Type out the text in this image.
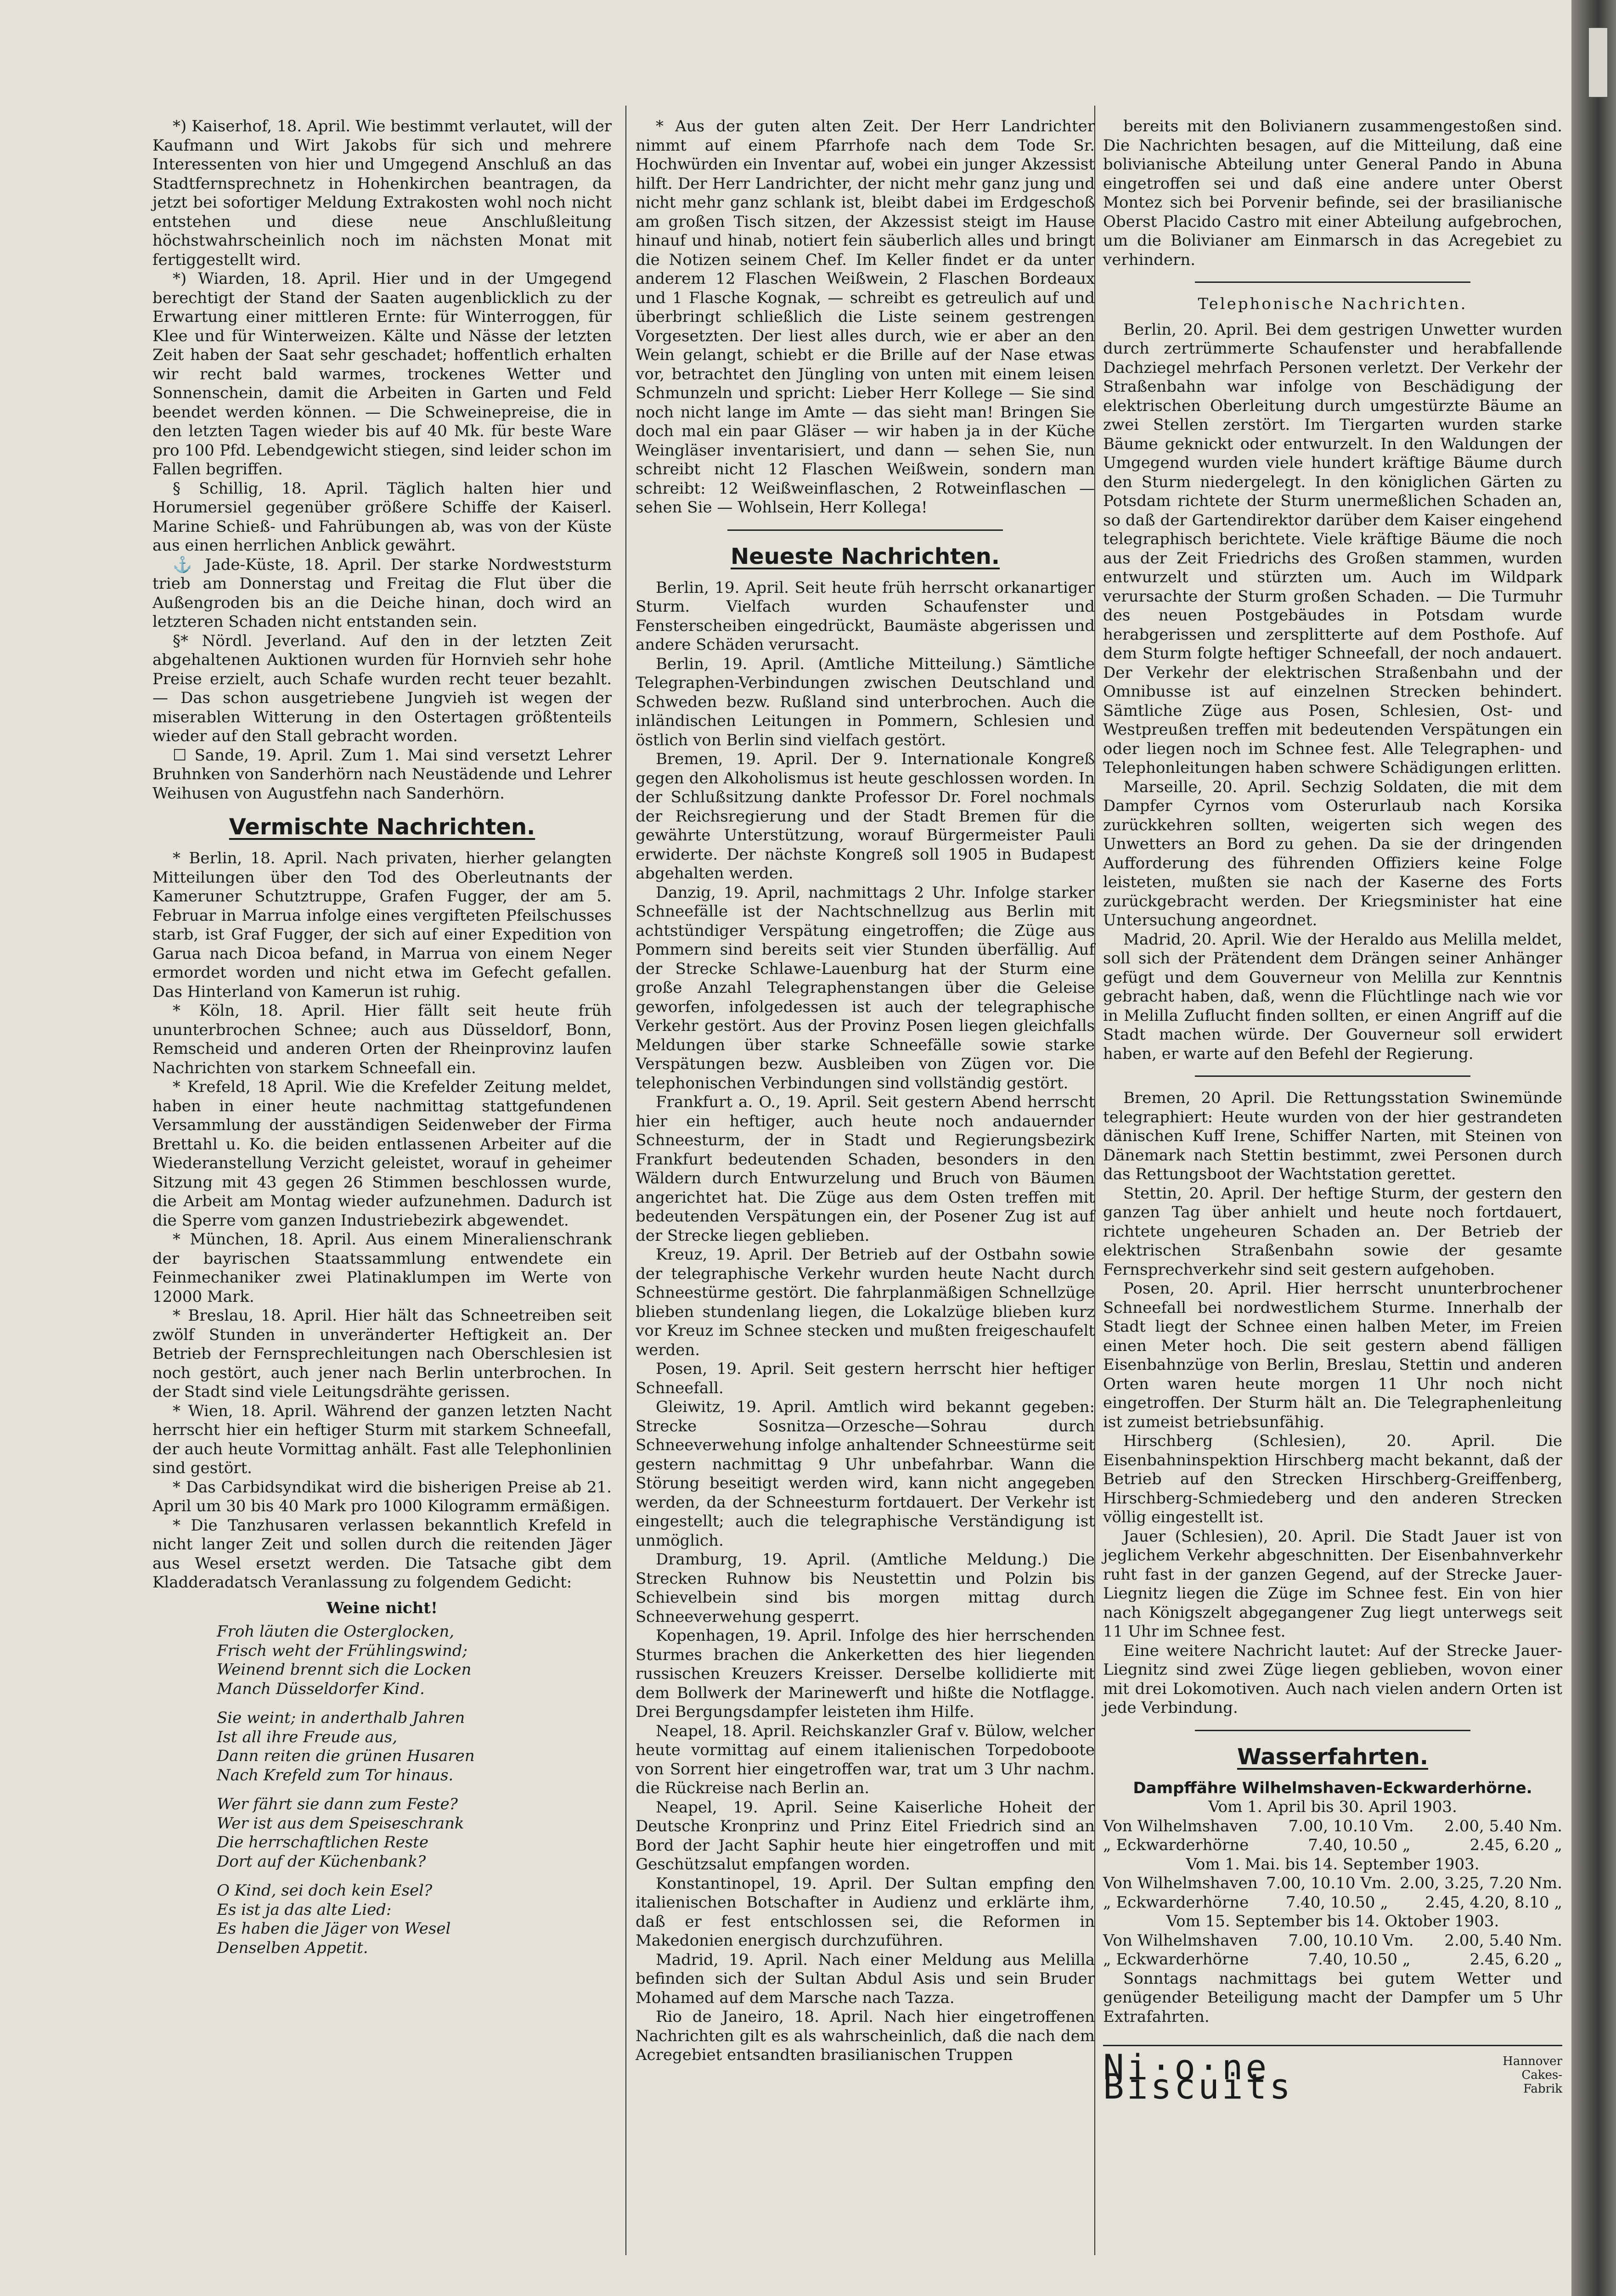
*) Kaiserhof, 18. April. Wie bestimmt verlautet, will der Kaufmann und Wirt Jakobs für sich und mehrere Interessenten von hier und Umgegend Anschluß an das Stadtfernsprechnetz in Hohenkirchen beantragen, da jetzt bei sofortiger Meldung Extrakosten wohl noch nicht entstehen und diese neue Anschlußleitung höchstwahrscheinlich noch im nächsten Monat mit fertiggestellt wird.

*) Wiarden, 18. April. Hier und in der Umgegend berechtigt der Stand der Saaten augenblicklich zu der Erwartung einer mittleren Ernte: für Winterroggen, für Klee und für Winterweizen. Kälte und Nässe der letzten Zeit haben der Saat sehr geschadet; hoffentlich erhalten wir recht bald warmes, trockenes Wetter und Sonnenschein, damit die Arbeiten in Garten und Feld beendet werden können. — Die Schweinepreise, die in den letzten Tagen wieder bis auf 40 Mk. für beste Ware pro 100 Pfd. Lebendgewicht stiegen, sind leider schon im Fallen begriffen.

§ Schillig, 18. April. Täglich halten hier und Horumersiel gegenüber größere Schiffe der Kaiserl. Marine Schieß- und Fahrübungen ab, was von der Küste aus einen herrlichen Anblick gewährt.

⚓ Jade-Küste, 18. April. Der starke Nordweststurm trieb am Donnerstag und Freitag die Flut über die Außengroden bis an die Deiche hinan, doch wird an letzteren Schaden nicht entstanden sein.

§* Nördl. Jeverland. Auf den in der letzten Zeit abgehaltenen Auktionen wurden für Hornvieh sehr hohe Preise erzielt, auch Schafe wurden recht teuer bezahlt. — Das schon ausgetriebene Jungvieh ist wegen der miserablen Witterung in den Ostertagen größtenteils wieder auf den Stall gebracht worden.

☐ Sande, 19. April. Zum 1. Mai sind versetzt Lehrer Bruhnken von Sanderhörn nach Neustädende und Lehrer Weihusen von Augustfehn nach Sanderhörn.

Vermischte Nachrichten.

* Berlin, 18. April. Nach privaten, hierher gelangten Mitteilungen über den Tod des Oberleutnants der Kameruner Schutztruppe, Grafen Fugger, der am 5. Februar in Marrua infolge eines vergifteten Pfeilschusses starb, ist Graf Fugger, der sich auf einer Expedition von Garua nach Dicoa befand, in Marrua von einem Neger ermordet worden und nicht etwa im Gefecht gefallen. Das Hinterland von Kamerun ist ruhig.

* Köln, 18. April. Hier fällt seit heute früh ununterbrochen Schnee; auch aus Düsseldorf, Bonn, Remscheid und anderen Orten der Rheinprovinz laufen Nachrichten von starkem Schneefall ein.

* Krefeld, 18 April. Wie die Krefelder Zeitung meldet, haben in einer heute nachmittag stattgefundenen Versammlung der ausständigen Seidenweber der Firma Brettahl u. Ko. die beiden entlassenen Arbeiter auf die Wiederanstellung Verzicht geleistet, worauf in geheimer Sitzung mit 43 gegen 26 Stimmen beschlossen wurde, die Arbeit am Montag wieder aufzunehmen. Dadurch ist die Sperre vom ganzen Industriebezirk abgewendet.

* München, 18. April. Aus einem Mineralienschrank der bayrischen Staatssammlung entwendete ein Feinmechaniker zwei Platinaklumpen im Werte von 12000 Mark.

* Breslau, 18. April. Hier hält das Schneetreiben seit zwölf Stunden in unveränderter Heftigkeit an. Der Betrieb der Fernsprechleitungen nach Oberschlesien ist noch gestört, auch jener nach Berlin unterbrochen. In der Stadt sind viele Leitungsdrähte gerissen.

* Wien, 18. April. Während der ganzen letzten Nacht herrscht hier ein heftiger Sturm mit starkem Schneefall, der auch heute Vormittag anhält. Fast alle Telephonlinien sind gestört.

* Das Carbidsyndikat wird die bisherigen Preise ab 21. April um 30 bis 40 Mark pro 1000 Kilogramm ermäßigen.

* Die Tanzhusaren verlassen bekanntlich Krefeld in nicht langer Zeit und sollen durch die reitenden Jäger aus Wesel ersetzt werden. Die Tatsache gibt dem Kladderadatsch Veranlassung zu folgendem Gedicht:

Weine nicht!
Froh läuten die Osterglocken,
Frisch weht der Frühlingswind;
Weinend brennt sich die Locken
Manch Düsseldorfer Kind.
Sie weint; in anderthalb Jahren
Ist all ihre Freude aus,
Dann reiten die grünen Husaren
Nach Krefeld zum Tor hinaus.
Wer fährt sie dann zum Feste?
Wer ist aus dem Speiseschrank
Die herrschaftlichen Reste
Dort auf der Küchenbank?
O Kind, sei doch kein Esel?
Es ist ja das alte Lied:
Es haben die Jäger von Wesel
Denselben Appetit.

* Aus der guten alten Zeit. Der Herr Landrichter nimmt auf einem Pfarrhofe nach dem Tode Sr. Hochwürden ein Inventar auf, wobei ein junger Akzessist hilft. Der Herr Landrichter, der nicht mehr ganz jung und nicht mehr ganz schlank ist, bleibt dabei im Erdgeschoß am großen Tisch sitzen, der Akzessist steigt im Hause hinauf und hinab, notiert fein säuberlich alles und bringt die Notizen seinem Chef. Im Keller findet er da unter anderem 12 Flaschen Weißwein, 2 Flaschen Bordeaux und 1 Flasche Kognak, — schreibt es getreulich auf und überbringt schließlich die Liste seinem gestrengen Vorgesetzten. Der liest alles durch, wie er aber an den Wein gelangt, schiebt er die Brille auf der Nase etwas vor, betrachtet den Jüngling von unten mit einem leisen Schmunzeln und spricht: Lieber Herr Kollege — Sie sind noch nicht lange im Amte — das sieht man! Bringen Sie doch mal ein paar Gläser — wir haben ja in der Küche Weingläser inventarisiert, und dann — sehen Sie, nun schreibt nicht 12 Flaschen Weißwein, sondern man schreibt: 12 Weißweinflaschen, 2 Rotweinflaschen — sehen Sie — Wohlsein, Herr Kollega!

Neueste Nachrichten.

Berlin, 19. April. Seit heute früh herrscht orkanartiger Sturm. Vielfach wurden Schaufenster und Fensterscheiben eingedrückt, Baumäste abgerissen und andere Schäden verursacht.

Berlin, 19. April. (Amtliche Mitteilung.) Sämtliche Telegraphen-Verbindungen zwischen Deutschland und Schweden bezw. Rußland sind unterbrochen. Auch die inländischen Leitungen in Pommern, Schlesien und östlich von Berlin sind vielfach gestört.

Bremen, 19. April. Der 9. Internationale Kongreß gegen den Alkoholismus ist heute geschlossen worden. In der Schlußsitzung dankte Professor Dr. Forel nochmals der Reichsregierung und der Stadt Bremen für die gewährte Unterstützung, worauf Bürgermeister Pauli erwiderte. Der nächste Kongreß soll 1905 in Budapest abgehalten werden.

Danzig, 19. April, nachmittags 2 Uhr. Infolge starker Schneefälle ist der Nachtschnellzug aus Berlin mit achtstündiger Verspätung eingetroffen; die Züge aus Pommern sind bereits seit vier Stunden überfällig. Auf der Strecke Schlawe-Lauenburg hat der Sturm eine große Anzahl Telegraphenstangen über die Geleise geworfen, infolgedessen ist auch der telegraphische Verkehr gestört. Aus der Provinz Posen liegen gleichfalls Meldungen über starke Schneefälle sowie starke Verspätungen bezw. Ausbleiben von Zügen vor. Die telephonischen Verbindungen sind vollständig gestört.

Frankfurt a. O., 19. April. Seit gestern Abend herrscht hier ein heftiger, auch heute noch andauernder Schneesturm, der in Stadt und Regierungsbezirk Frankfurt bedeutenden Schaden, besonders in den Wäldern durch Entwurzelung und Bruch von Bäumen angerichtet hat. Die Züge aus dem Osten treffen mit bedeutenden Verspätungen ein, der Posener Zug ist auf der Strecke liegen geblieben.

Kreuz, 19. April. Der Betrieb auf der Ostbahn sowie der telegraphische Verkehr wurden heute Nacht durch Schneestürme gestört. Die fahrplanmäßigen Schnellzüge blieben stundenlang liegen, die Lokalzüge blieben kurz vor Kreuz im Schnee stecken und mußten freigeschaufelt werden.

Posen, 19. April. Seit gestern herrscht hier heftiger Schneefall.

Gleiwitz, 19. April. Amtlich wird bekannt gegeben: Strecke Sosnitza—Orzesche—Sohrau durch Schneeverwehung infolge anhaltender Schneestürme seit gestern nachmittag 9 Uhr unbefahrbar. Wann die Störung beseitigt werden wird, kann nicht angegeben werden, da der Schneesturm fortdauert. Der Verkehr ist eingestellt; auch die telegraphische Verständigung ist unmöglich.

Dramburg, 19. April. (Amtliche Meldung.) Die Strecken Ruhnow bis Neustettin und Polzin bis Schievelbein sind bis morgen mittag durch Schneeverwehung gesperrt.

Kopenhagen, 19. April. Infolge des hier herrschenden Sturmes brachen die Ankerketten des hier liegenden russischen Kreuzers Kreisser. Derselbe kollidierte mit dem Bollwerk der Marinewerft und hißte die Notflagge. Drei Bergungsdampfer leisteten ihm Hilfe.

Neapel, 18. April. Reichskanzler Graf v. Bülow, welcher heute vormittag auf einem italienischen Torpedoboote von Sorrent hier eingetroffen war, trat um 3 Uhr nachm. die Rückreise nach Berlin an.

Neapel, 19. April. Seine Kaiserliche Hoheit der Deutsche Kronprinz und Prinz Eitel Friedrich sind an Bord der Jacht Saphir heute hier eingetroffen und mit Geschützsalut empfangen worden.

Konstantinopel, 19. April. Der Sultan empfing den italienischen Botschafter in Audienz und erklärte ihm, daß er fest entschlossen sei, die Reformen in Makedonien energisch durchzuführen.

Madrid, 19. April. Nach einer Meldung aus Melilla befinden sich der Sultan Abdul Asis und sein Bruder Mohamed auf dem Marsche nach Tazza.

Rio de Janeiro, 18. April. Nach hier eingetroffenen Nachrichten gilt es als wahrscheinlich, daß die nach dem Acregebiet entsandten brasilianischen Truppen

bereits mit den Bolivianern zusammengestoßen sind. Die Nachrichten besagen, auf die Mitteilung, daß eine bolivianische Abteilung unter General Pando in Abuna eingetroffen sei und daß eine andere unter Oberst Montez sich bei Porvenir befinde, sei der brasilianische Oberst Placido Castro mit einer Abteilung aufgebrochen, um die Bolivianer am Einmarsch in das Acregebiet zu verhindern.

Telephonische Nachrichten.

Berlin, 20. April. Bei dem gestrigen Unwetter wurden durch zertrümmerte Schaufenster und herabfallende Dachziegel mehrfach Personen verletzt. Der Verkehr der Straßenbahn war infolge von Beschädigung der elektrischen Oberleitung durch umgestürzte Bäume an zwei Stellen zerstört. Im Tiergarten wurden starke Bäume geknickt oder entwurzelt. In den Waldungen der Umgegend wurden viele hundert kräftige Bäume durch den Sturm niedergelegt. In den königlichen Gärten zu Potsdam richtete der Sturm unermeßlichen Schaden an, so daß der Gartendirektor darüber dem Kaiser eingehend telegraphisch berichtete. Viele kräftige Bäume die noch aus der Zeit Friedrichs des Großen stammen, wurden entwurzelt und stürzten um. Auch im Wildpark verursachte der Sturm großen Schaden. — Die Turmuhr des neuen Postgebäudes in Potsdam wurde herabgerissen und zersplitterte auf dem Posthofe. Auf dem Sturm folgte heftiger Schneefall, der noch andauert. Der Verkehr der elektrischen Straßenbahn und der Omnibusse ist auf einzelnen Strecken behindert. Sämtliche Züge aus Posen, Schlesien, Ost- und Westpreußen treffen mit bedeutenden Verspätungen ein oder liegen noch im Schnee fest. Alle Telegraphen- und Telephonleitungen haben schwere Schädigungen erlitten.

Marseille, 20. April. Sechzig Soldaten, die mit dem Dampfer Cyrnos vom Osterurlaub nach Korsika zurückkehren sollten, weigerten sich wegen des Unwetters an Bord zu gehen. Da sie der dringenden Aufforderung des führenden Offiziers keine Folge leisteten, mußten sie nach der Kaserne des Forts zurückgebracht werden. Der Kriegsminister hat eine Untersuchung angeordnet.

Madrid, 20. April. Wie der Heraldo aus Melilla meldet, soll sich der Prätendent dem Drängen seiner Anhänger gefügt und dem Gouverneur von Melilla zur Kenntnis gebracht haben, daß, wenn die Flüchtlinge nach wie vor in Melilla Zuflucht finden sollten, er einen Angriff auf die Stadt machen würde. Der Gouverneur soll erwidert haben, er warte auf den Befehl der Regierung.

Bremen, 20 April. Die Rettungsstation Swinemünde telegraphiert: Heute wurden von der hier gestrandeten dänischen Kuff Irene, Schiffer Narten, mit Steinen von Dänemark nach Stettin bestimmt, zwei Personen durch das Rettungsboot der Wachtstation gerettet.

Stettin, 20. April. Der heftige Sturm, der gestern den ganzen Tag über anhielt und heute noch fortdauert, richtete ungeheuren Schaden an. Der Betrieb der elektrischen Straßenbahn sowie der gesamte Fernsprechverkehr sind seit gestern aufgehoben.

Posen, 20. April. Hier herrscht ununterbrochener Schneefall bei nordwestlichem Sturme. Innerhalb der Stadt liegt der Schnee einen halben Meter, im Freien einen Meter hoch. Die seit gestern abend fälligen Eisenbahnzüge von Berlin, Breslau, Stettin und anderen Orten waren heute morgen 11 Uhr noch nicht eingetroffen. Der Sturm hält an. Die Telegraphenleitung ist zumeist betriebsunfähig.

Hirschberg (Schlesien), 20. April. Die Eisenbahninspektion Hirschberg macht bekannt, daß der Betrieb auf den Strecken Hirschberg-Greiffenberg, Hirschberg-Schmiedeberg und den anderen Strecken völlig eingestellt ist.

Jauer (Schlesien), 20. April. Die Stadt Jauer ist von jeglichem Verkehr abgeschnitten. Der Eisenbahnverkehr ruht fast in der ganzen Gegend, auf der Strecke Jauer-Liegnitz liegen die Züge im Schnee fest. Ein von hier nach Königszelt abgegangener Zug liegt unterwegs seit 11 Uhr im Schnee fest.

Eine weitere Nachricht lautet: Auf der Strecke Jauer-Liegnitz sind zwei Züge liegen geblieben, wovon einer mit drei Lokomotiven. Auch nach vielen andern Orten ist jede Verbindung.

Wasserfahrten.
Dampffähre Wilhelmshaven-Eckwarderhörne.
Vom 1. April bis 30. April 1903.
Von Wilhelmshaven 7.00, 10.10 Vm. 2.00, 5.40 Nm.
„ Eckwarderhörne	7.40, 10.50 „	2.45, 6.20 „
Vom 1. Mai. bis 14. September 1903.
Von Wilhelmshaven 7.00, 10.10 Vm. 2.00, 3.25, 7.20 Nm.
„ Eckwarderhörne 7.40, 10.50 „ 2.45, 4.20, 8.10 „
Vom 15. September bis 14. Oktober 1903.
Von Wilhelmshaven 7.00, 10.10 Vm. 2.00, 5.40 Nm.
„ Eckwarderhörne	7.40, 10.50 „	2.45, 6.20 „

Sonntags nachmittags bei gutem Wetter und genügender Beteiligung macht der Dampfer um 5 Uhr Extrafahrten.

Ni·o·ne Biscuits
Hannover
Cakes-Fabrik
